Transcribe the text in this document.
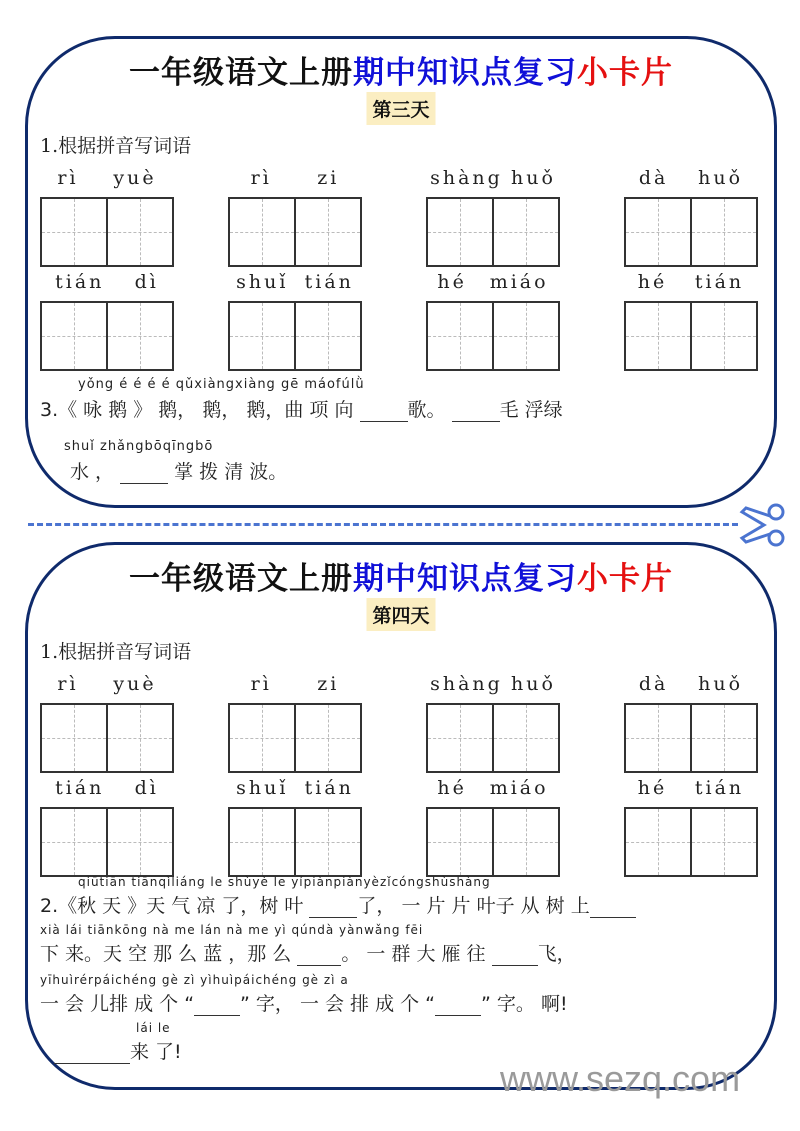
一年级语文上册期中知识点复习小卡片
第三天
1.根据拼音写词语
rì yuè	rì zi	shàng huǒ	dà huǒ
tián dì	shuǐ tián	hé miáo	hé tián
yǒng é é é é qǔxiàngxiàng gē máofúlǜ
3.《 咏 鹅 》 鹅， 鹅， 鹅，曲 项 向	歌。	毛 浮绿
shuǐ zhǎngbōqīngbō
水 ，	掌 拨 清 波。
一年级语文上册期中知识点复习小卡片
第四天
1.根据拼音写词语
rì yuè	rì zi	shàng huǒ	dà huǒ
tián dì	shuǐ tián	hé miáo	hé tián
qiūtiān tiānqìliáng le shùyè le yípiànpiànyèzǐcóngshùshàng
2.《秋 天 》天 气 凉 了，树 叶	了， 一 片 片 叶子 从 树 上
xià lái tiānkōng nà me lán nà me yì qúndà yànwǎng fēi
下 来。天 空 那 么 蓝 ，那 么	。 一 群 大 雁 往	飞，
yīhuìrérpáichéng gè zì yìhuìpáichéng gè zì a
一 会 儿排 成 个 “ ” 字， 一 会 排 成 个 “ ” 字。 啊!
lái le
来 了!
www.sezq.com
